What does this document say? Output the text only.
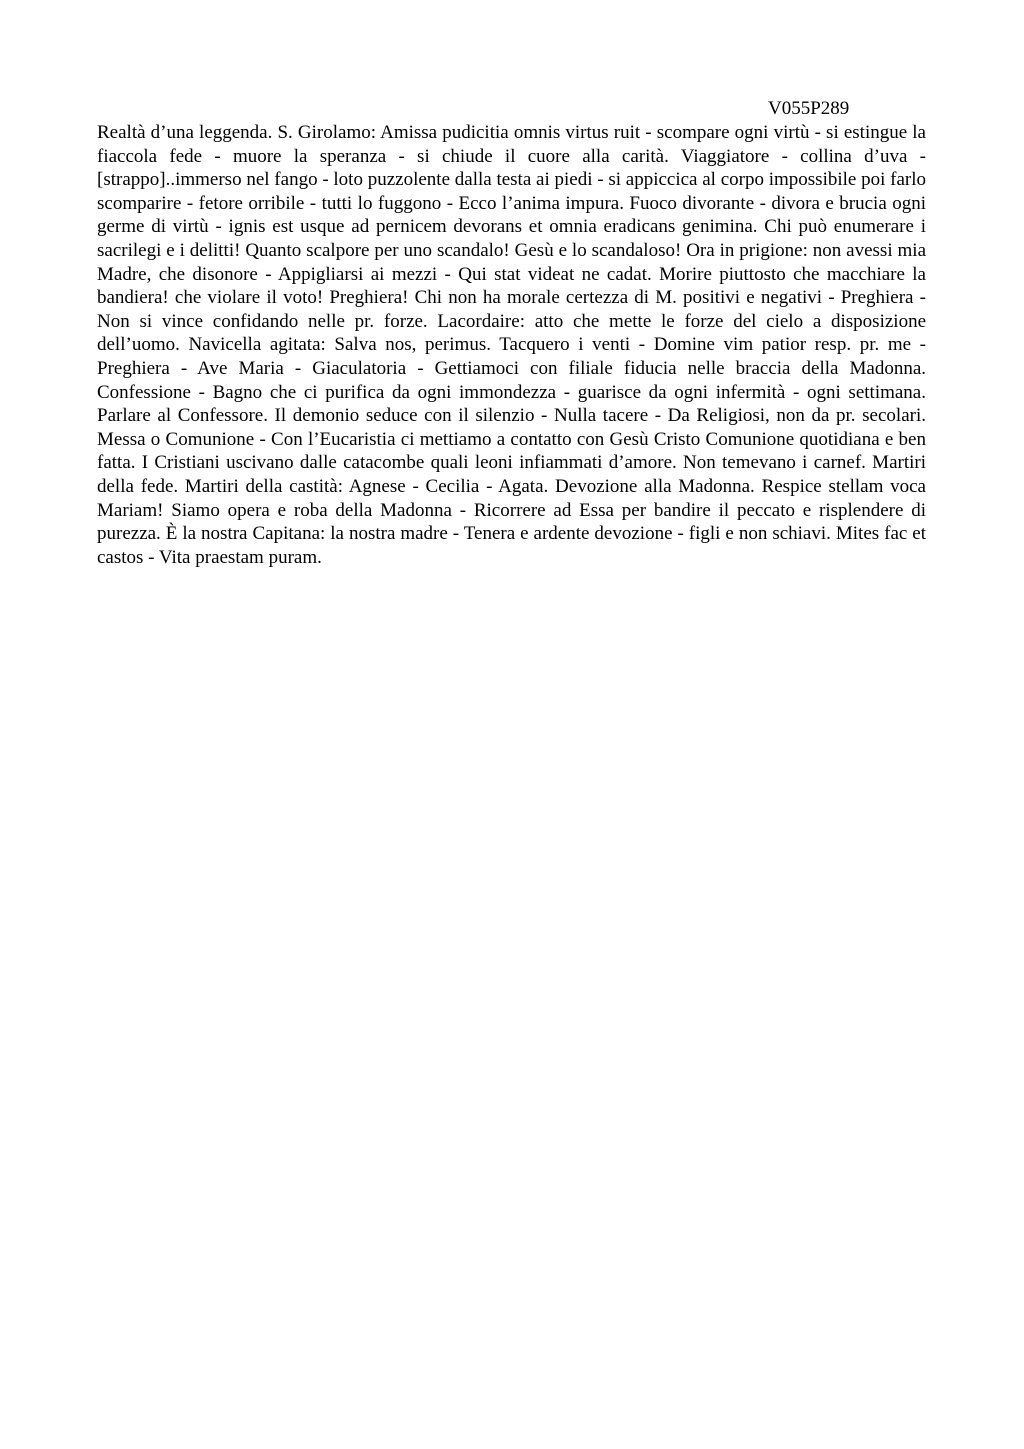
V055P289

Realtà d’una leggenda. S. Girolamo: Amissa pudicitia omnis virtus ruit - scompare ogni virtù - si estingue la fiaccola fede - muore la speranza - si chiude il cuore alla carità. Viaggiatore - collina d’uva - [strappo]..immerso nel fango - loto puzzolente dalla testa ai piedi - si appiccica al corpo impossibile poi farlo scomparire - fetore orribile - tutti lo fuggono - Ecco l’anima impura. Fuoco divorante - divora e brucia ogni germe di virtù - ignis est usque ad pernicem devorans et omnia eradicans genimina. Chi può enumerare i sacrilegi e i delitti! Quanto scalpore per uno scandalo! Gesù e lo scandaloso! Ora in prigione: non avessi mia Madre, che disonore - Appigliarsi ai mezzi - Qui stat videat ne cadat. Morire piuttosto che macchiare la bandiera! che violare il voto! Preghiera! Chi non ha morale certezza di M. positivi e negativi - Preghiera - Non si vince confidando nelle pr. forze. Lacordaire: atto che mette le forze del cielo a disposizione dell’uomo. Navicella agitata: Salva nos, perimus. Tacquero i venti - Domine vim patior resp. pr. me - Preghiera - Ave Maria - Giaculatoria - Gettiamoci con filiale fiducia nelle braccia della Madonna. Confessione - Bagno che ci purifica da ogni immondezza - guarisce da ogni infermità - ogni settimana. Parlare al Confessore. Il demonio seduce con il silenzio - Nulla tacere - Da Religiosi, non da pr. secolari. Messa o Comunione - Con l’Eucaristia ci mettiamo a contatto con Gesù Cristo Comunione quotidiana e ben fatta. I Cristiani uscivano dalle catacombe quali leoni infiammati d’amore. Non temevano i carnef. Martiri della fede. Martiri della castità: Agnese - Cecilia - Agata. Devozione alla Madonna. Respice stellam voca Mariam! Siamo opera e roba della Madonna - Ricorrere ad Essa per bandire il peccato e risplendere di purezza. È la nostra Capitana: la nostra madre - Tenera e ardente devozione - figli e non schiavi. Mites fac et castos - Vita praestam puram.
